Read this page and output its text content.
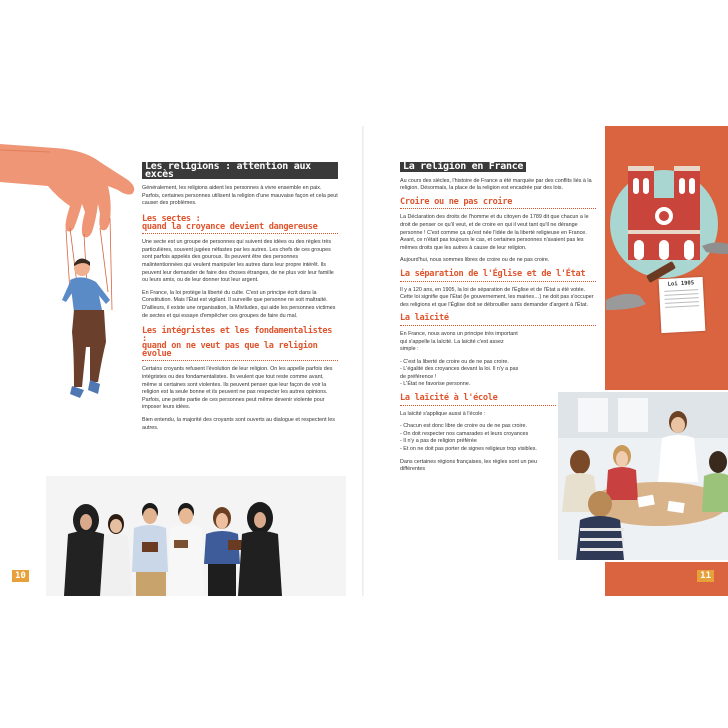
Les religions : attention aux excès

Généralement, les religions aident les personnes à vivre ensemble en paix. Parfois, certaines personnes utilisent la religion d'une mauvaise façon et cela peut causer des problèmes.

Les sectes :
quand la croyance devient dangereuse

Une secte est un groupe de personnes qui suivent des idées ou des règles très particulières, souvent jugées néfastes par les autres. Les chefs de ces groupes sont parfois appelés des gourous. Ils peuvent être des personnes malintentionnées qui veulent manipuler les autres dans leur propre intérêt. Ils peuvent leur demander de faire des choses étranges, de ne plus voir leur famille ou leurs amis, ou de leur donner tout leur argent.

En France, la loi protège la liberté du culte. C'est un principe écrit dans la Constitution. Mais l'État est vigilant. Il surveille que personne ne soit maltraité. D'ailleurs, il existe une organisation, la Miviludes, qui aide les personnes victimes de sectes et qui essaye d'empêcher ces groupes de faire du mal.

Les intégristes et les fondamentalistes :
quand on ne veut pas que la religion évolue

Certains croyants refusent l'évolution de leur religion. On les appelle parfois des intégristes ou des fondamentalistes. Ils veulent que tout reste comme avant, même si certaines sont violentes. Ils peuvent penser que leur façon de voir la religion est la seule bonne et ils peuvent ne pas respecter les autres opinions. Parfois, une petite partie de ces personnes peut même devenir violente pour imposer leurs idées.

Bien entendu, la majorité des croyants sont ouverts au dialogue et respectent les autres.

10
Loi 1905
La religion en France

Au cours des siècles, l'histoire de France a été marquée par des conflits liés à la religion. Désormais, la place de la religion est encadrée par des lois.

Croire ou ne pas croire

La Déclaration des droits de l'homme et du citoyen de 1789 dit que chacun a le droit de penser ce qu'il veut, et de croire en qui il veut tant qu'il ne dérange personne ! C'est comme ça qu'est née l'idée de la liberté religieuse en France. Avant, ce n'était pas toujours le cas, et certaines personnes n'avaient pas les mêmes droits que les autres à cause de leur religion.

Aujourd'hui, nous sommes libres de croire ou de ne pas croire.

La séparation de l'Église et de l'État

Il y a 120 ans, en 1905, la loi de séparation de l'Église et de l'État a été votée. Cette loi signifie que l'État (le gouvernement, les mairies…) ne doit pas s'occuper des religions et que l'Église doit se débrouiller sans demander d'argent à l'État.

La laïcité

En France, nous avons un principe très important qui s'appelle la laïcité. La laïcité c'est assez simple :

- C'est la liberté de croire ou de ne pas croire.
- L'égalité des croyances devant la loi. Il n'y a pas de préférence !
- L'État ne favorise personne.
La laïcité à l'école

La laïcité s'applique aussi à l'école :

- Chacun est donc libre de croire ou de ne pas croire.
- On doit respecter nos camarades et leurs croyances
- Il n'y a pas de religion préférée
- Et on ne doit pas porter de signes religieux trop visibles.

Dans certaines régions françaises, les règles sont un peu différentes

11
